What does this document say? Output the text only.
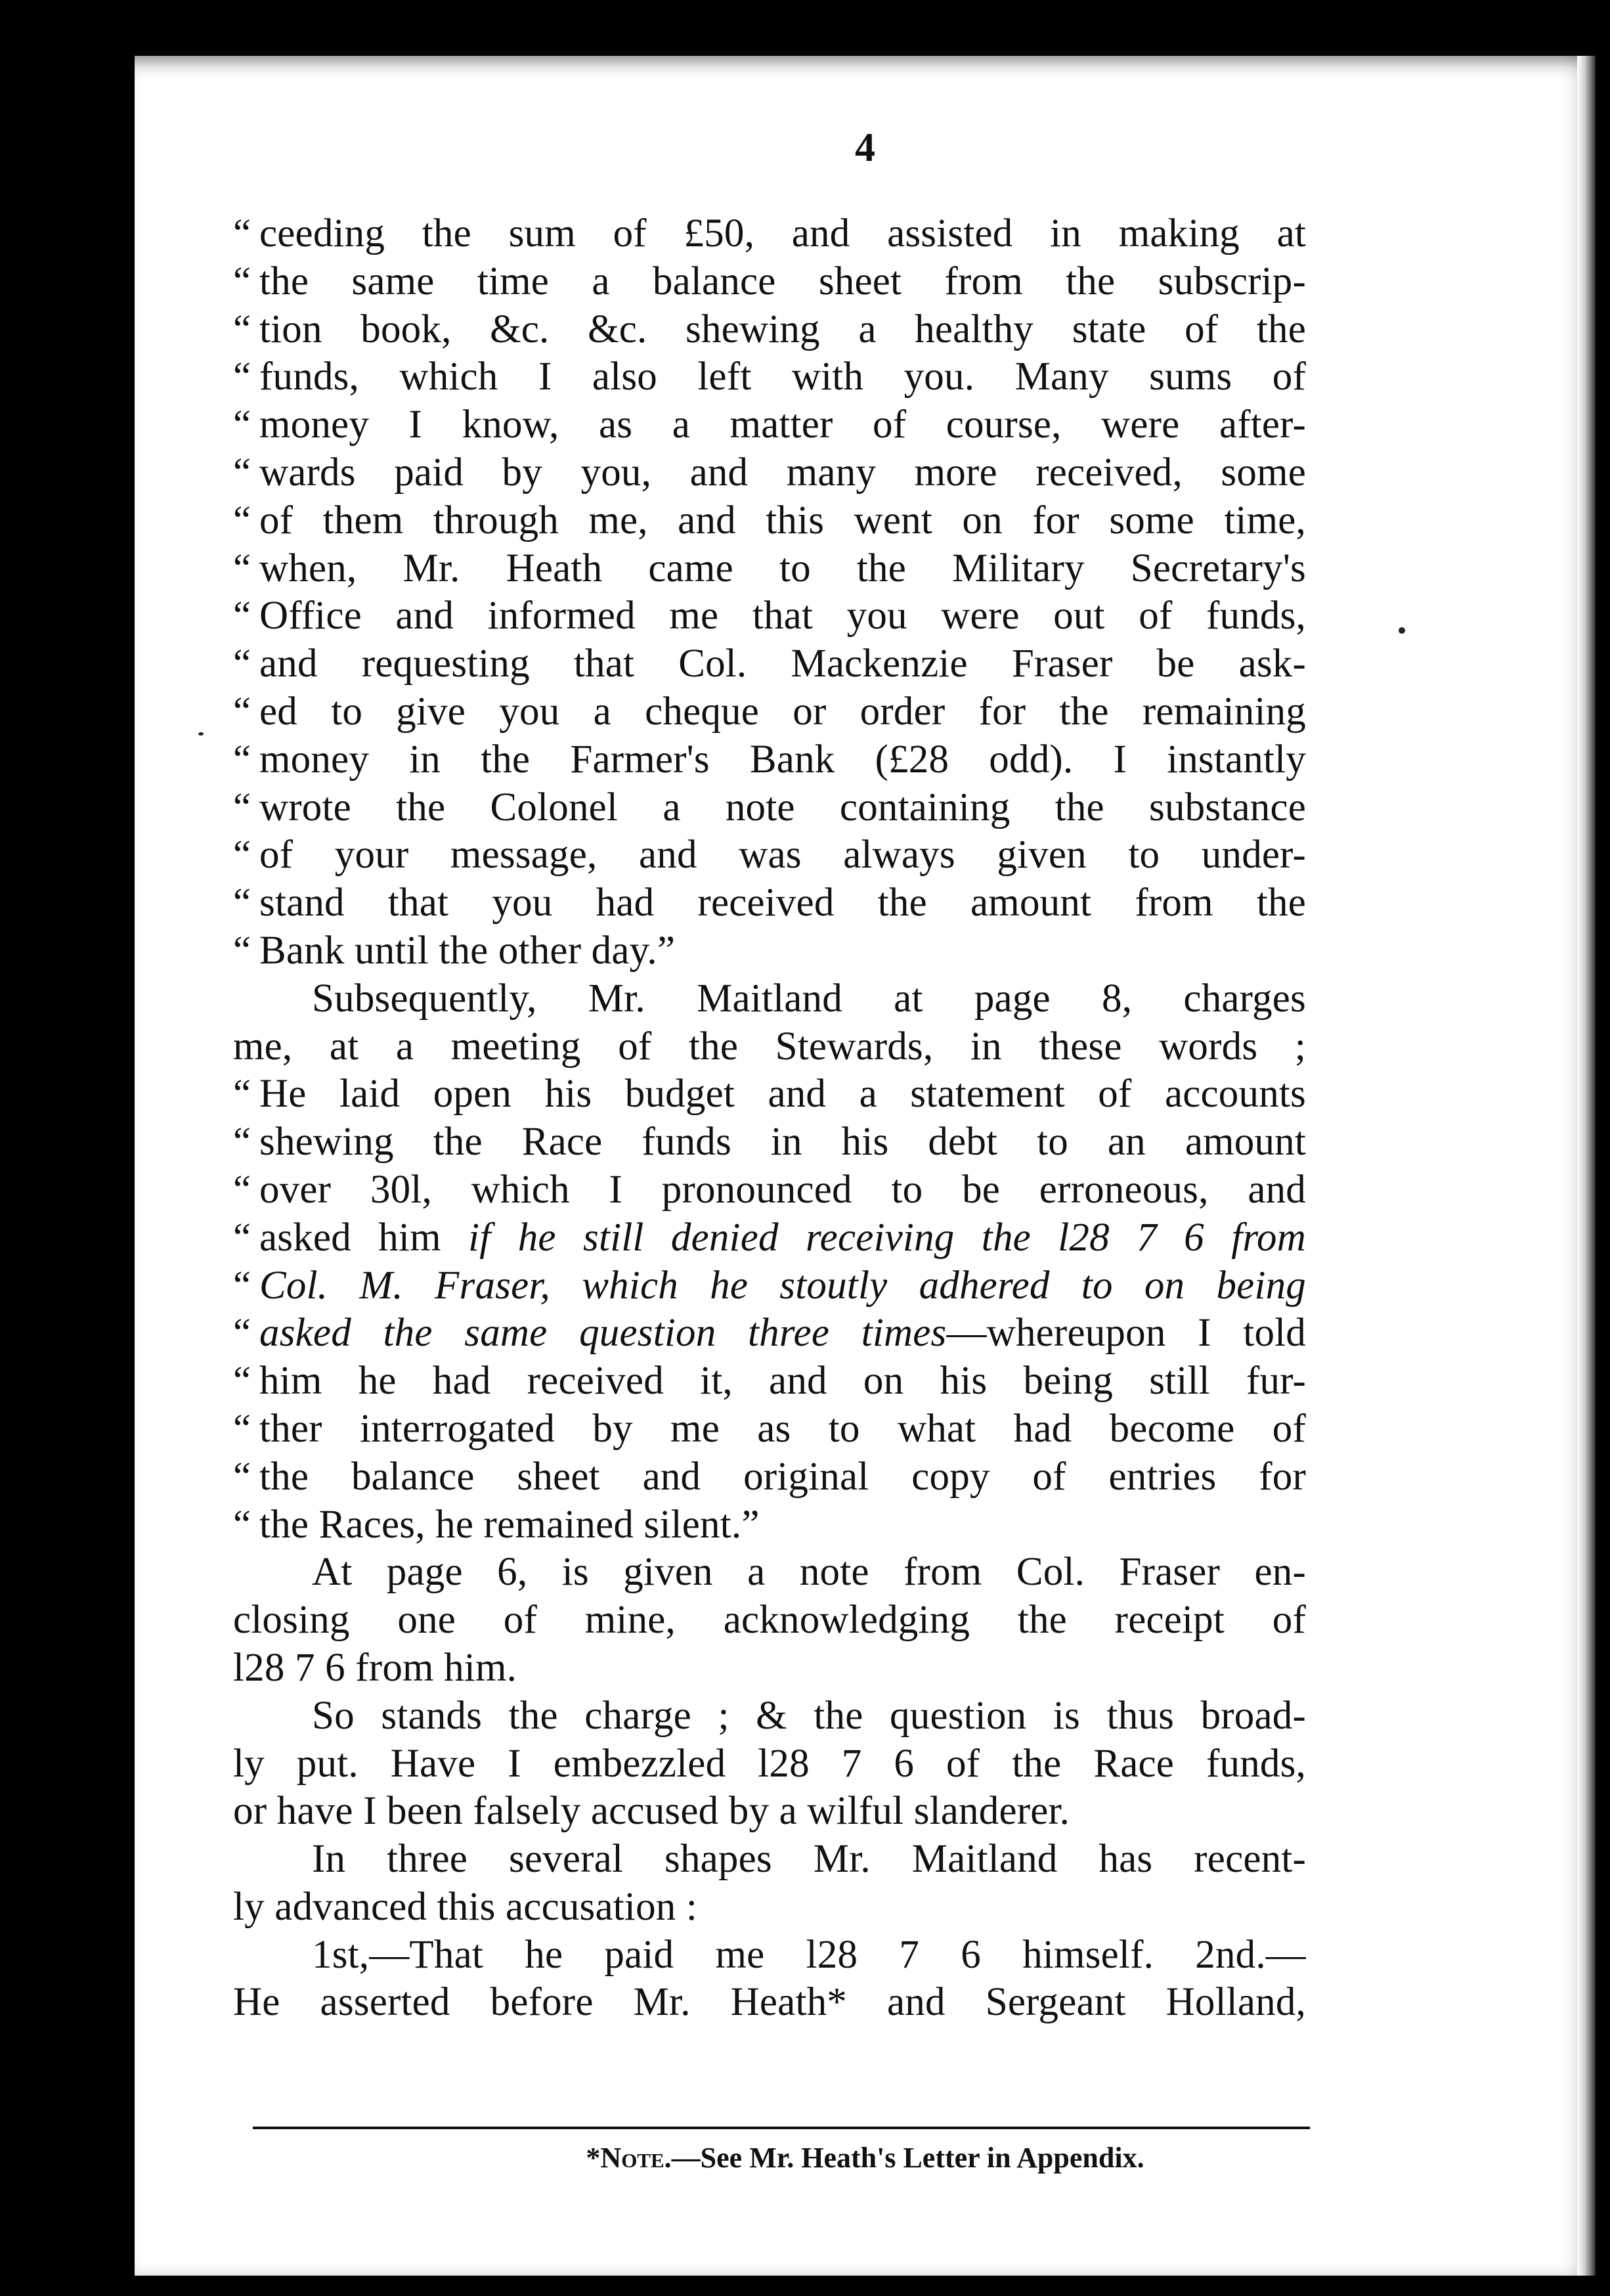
4
“ ceeding the sum of £50, and assisted in making at
“ the same time a balance sheet from the subscrip-
“ tion book, &c. &c. shewing a healthy state of the
“ funds, which I also left with you. Many sums of
“ money I know, as a matter of course, were after-
“ wards paid by you, and many more received, some
“ of them through me, and this went on for some time,
“ when, Mr. Heath came to the Military Secretary's
“ Office and informed me that you were out of funds,
“ and requesting that Col. Mackenzie Fraser be ask-
“ ed to give you a cheque or order for the remaining
“ money in the Farmer's Bank (£28 odd). I instantly
“ wrote the Colonel a note containing the substance
“ of your message, and was always given to under-
“ stand that you had received the amount from the
“ Bank until the other day.”
Subsequently, Mr. Maitland at page 8, charges
me, at a meeting of the Stewards, in these words ;
“ He laid open his budget and a statement of accounts
“ shewing the Race funds in his debt to an amount
“ over 30l, which I pronounced to be erroneous, and
“ asked him if he still denied receiving the l28 7 6 from
“ Col. M. Fraser, which he stoutly adhered to on being
“ asked the same question three times—whereupon I told
“ him he had received it, and on his being still fur-
“ ther interrogated by me as to what had become of
“ the balance sheet and original copy of entries for
“ the Races, he remained silent.”
At page 6, is given a note from Col. Fraser en-
closing one of mine, acknowledging the receipt of
l28 7 6 from him.
So stands the charge ; & the question is thus broad-
ly put. Have I embezzled l28 7 6 of the Race funds,
or have I been falsely accused by a wilful slanderer.
In three several shapes Mr. Maitland has recent-
ly advanced this accusation :
1st,—That he paid me l28 7 6 himself. 2nd.—
He asserted before Mr. Heath* and Sergeant Holland,
*Note.—See Mr. Heath's Letter in Appendix.
